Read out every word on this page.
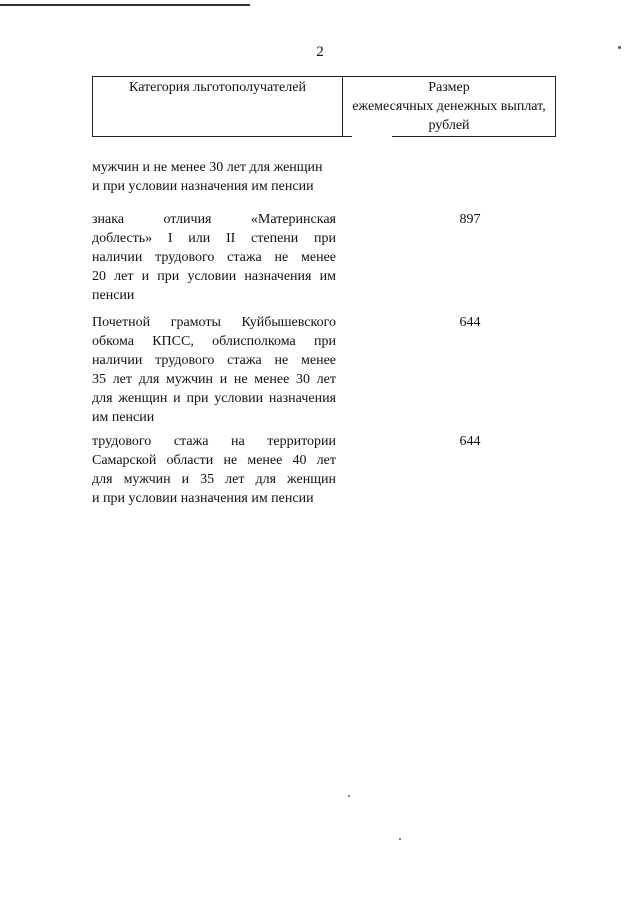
2
Категория льготополучателей	Размер
ежемесячных денежных выплат,
рублей
мужчин и не менее 30 лет для женщин
и при условии назначения им пенсии
знака отличия «Материнская
доблесть» I или II степени при
наличии трудового стажа не менее
20 лет и при условии назначения им
пенсии
897
Почетной грамоты Куйбышевского
обкома КПСС, облисполкома при
наличии трудового стажа не менее
35 лет для мужчин и не менее 30 лет
для женщин и при условии назначения
им пенсии
644
трудового стажа на территории
Самарской области не менее 40 лет
для мужчин и 35 лет для женщин
и при условии назначения им пенсии
644
